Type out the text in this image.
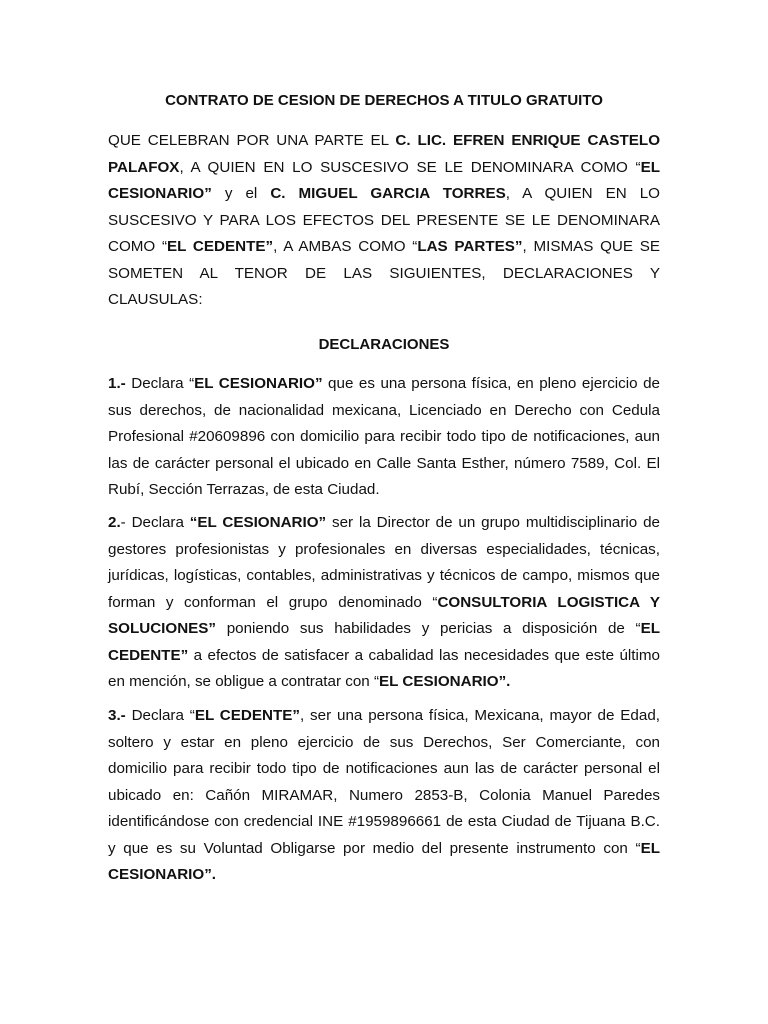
CONTRATO DE CESION DE DERECHOS A TITULO GRATUITO
QUE CELEBRAN POR UNA PARTE EL C. LIC. EFREN ENRIQUE CASTELO PALAFOX, A QUIEN EN LO SUSCESIVO SE LE DENOMINARA COMO “EL CESIONARIO” y el C. MIGUEL GARCIA TORRES, A QUIEN EN LO SUSCESIVO Y PARA LOS EFECTOS DEL PRESENTE SE LE DENOMINARA COMO “EL CEDENTE”, A AMBAS COMO “LAS PARTES”, MISMAS QUE SE SOMETEN AL TENOR DE LAS SIGUIENTES, DECLARACIONES Y CLAUSULAS:
DECLARACIONES
1.- Declara “EL CESIONARIO” que es una persona física, en pleno ejercicio de sus derechos, de nacionalidad mexicana, Licenciado en Derecho con Cedula Profesional #20609896 con domicilio para recibir todo tipo de notificaciones, aun las de carácter personal el ubicado en Calle Santa Esther, número 7589, Col. El Rubí, Sección Terrazas, de esta Ciudad.
2.- Declara “EL CESIONARIO” ser la Director de un grupo multidisciplinario de gestores profesionistas y profesionales en diversas especialidades, técnicas, jurídicas, logísticas, contables, administrativas y técnicos de campo, mismos que forman y conforman el grupo denominado “CONSULTORIA LOGISTICA Y SOLUCIONES” poniendo sus habilidades y pericias a disposición de “EL CEDENTE” a efectos de satisfacer a cabalidad las necesidades que este último en mención, se obligue a contratar con “EL CESIONARIO”.
3.- Declara “EL CEDENTE”, ser una persona física, Mexicana, mayor de Edad, soltero y estar en pleno ejercicio de sus Derechos, Ser Comerciante, con domicilio para recibir todo tipo de notificaciones aun las de carácter personal el ubicado en: Cañón MIRAMAR, Numero 2853-B, Colonia Manuel Paredes identificándose con credencial INE #1959896661 de esta Ciudad de Tijuana B.C. y que es su Voluntad Obligarse por medio del presente instrumento con “EL CESIONARIO”.
